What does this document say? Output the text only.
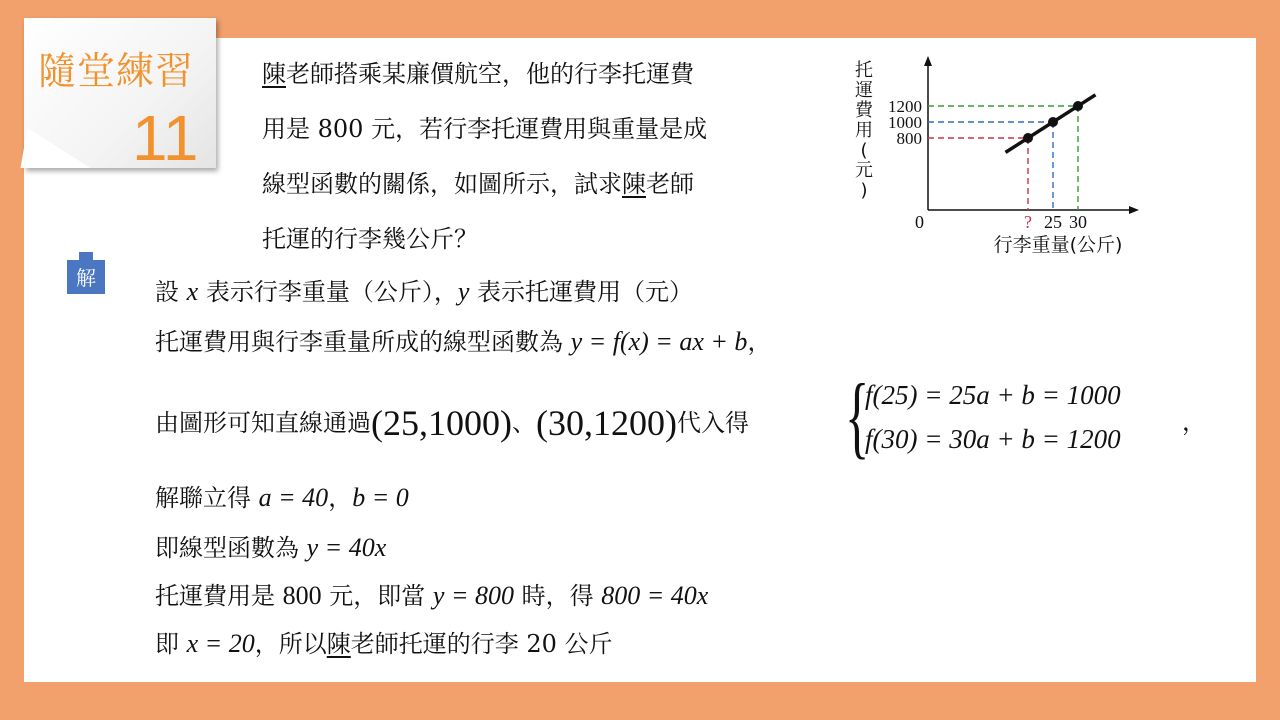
隨堂練習
11
陳老師搭乘某廉價航空，他的行李托運費
用是 800 元，若行李托運費用與重量是成
線型函數的關係，如圖所示，試求陳老師
托運的行李幾公斤？
800
?
1000
25
1200
30
0
托
運
費
用
(
元
)
行李重量(公斤)
解	設 x 表示行李重量（公斤），y 表示托運費用（元）
托運費用與行李重量所成的線型函數為 y = f(x) = ax + b，
由圖形可知直線通過(25,1000)、(30,1200)代入得 {
f(25) = 25a + b = 1000
f(30) = 30a + b = 1200
，
解聯立得 a = 40，b = 0
即線型函數為 y = 40x
托運費用是 800 元，即當 y = 800 時，得 800 = 40x
即 x = 20，所以陳老師托運的行李 20 公斤
